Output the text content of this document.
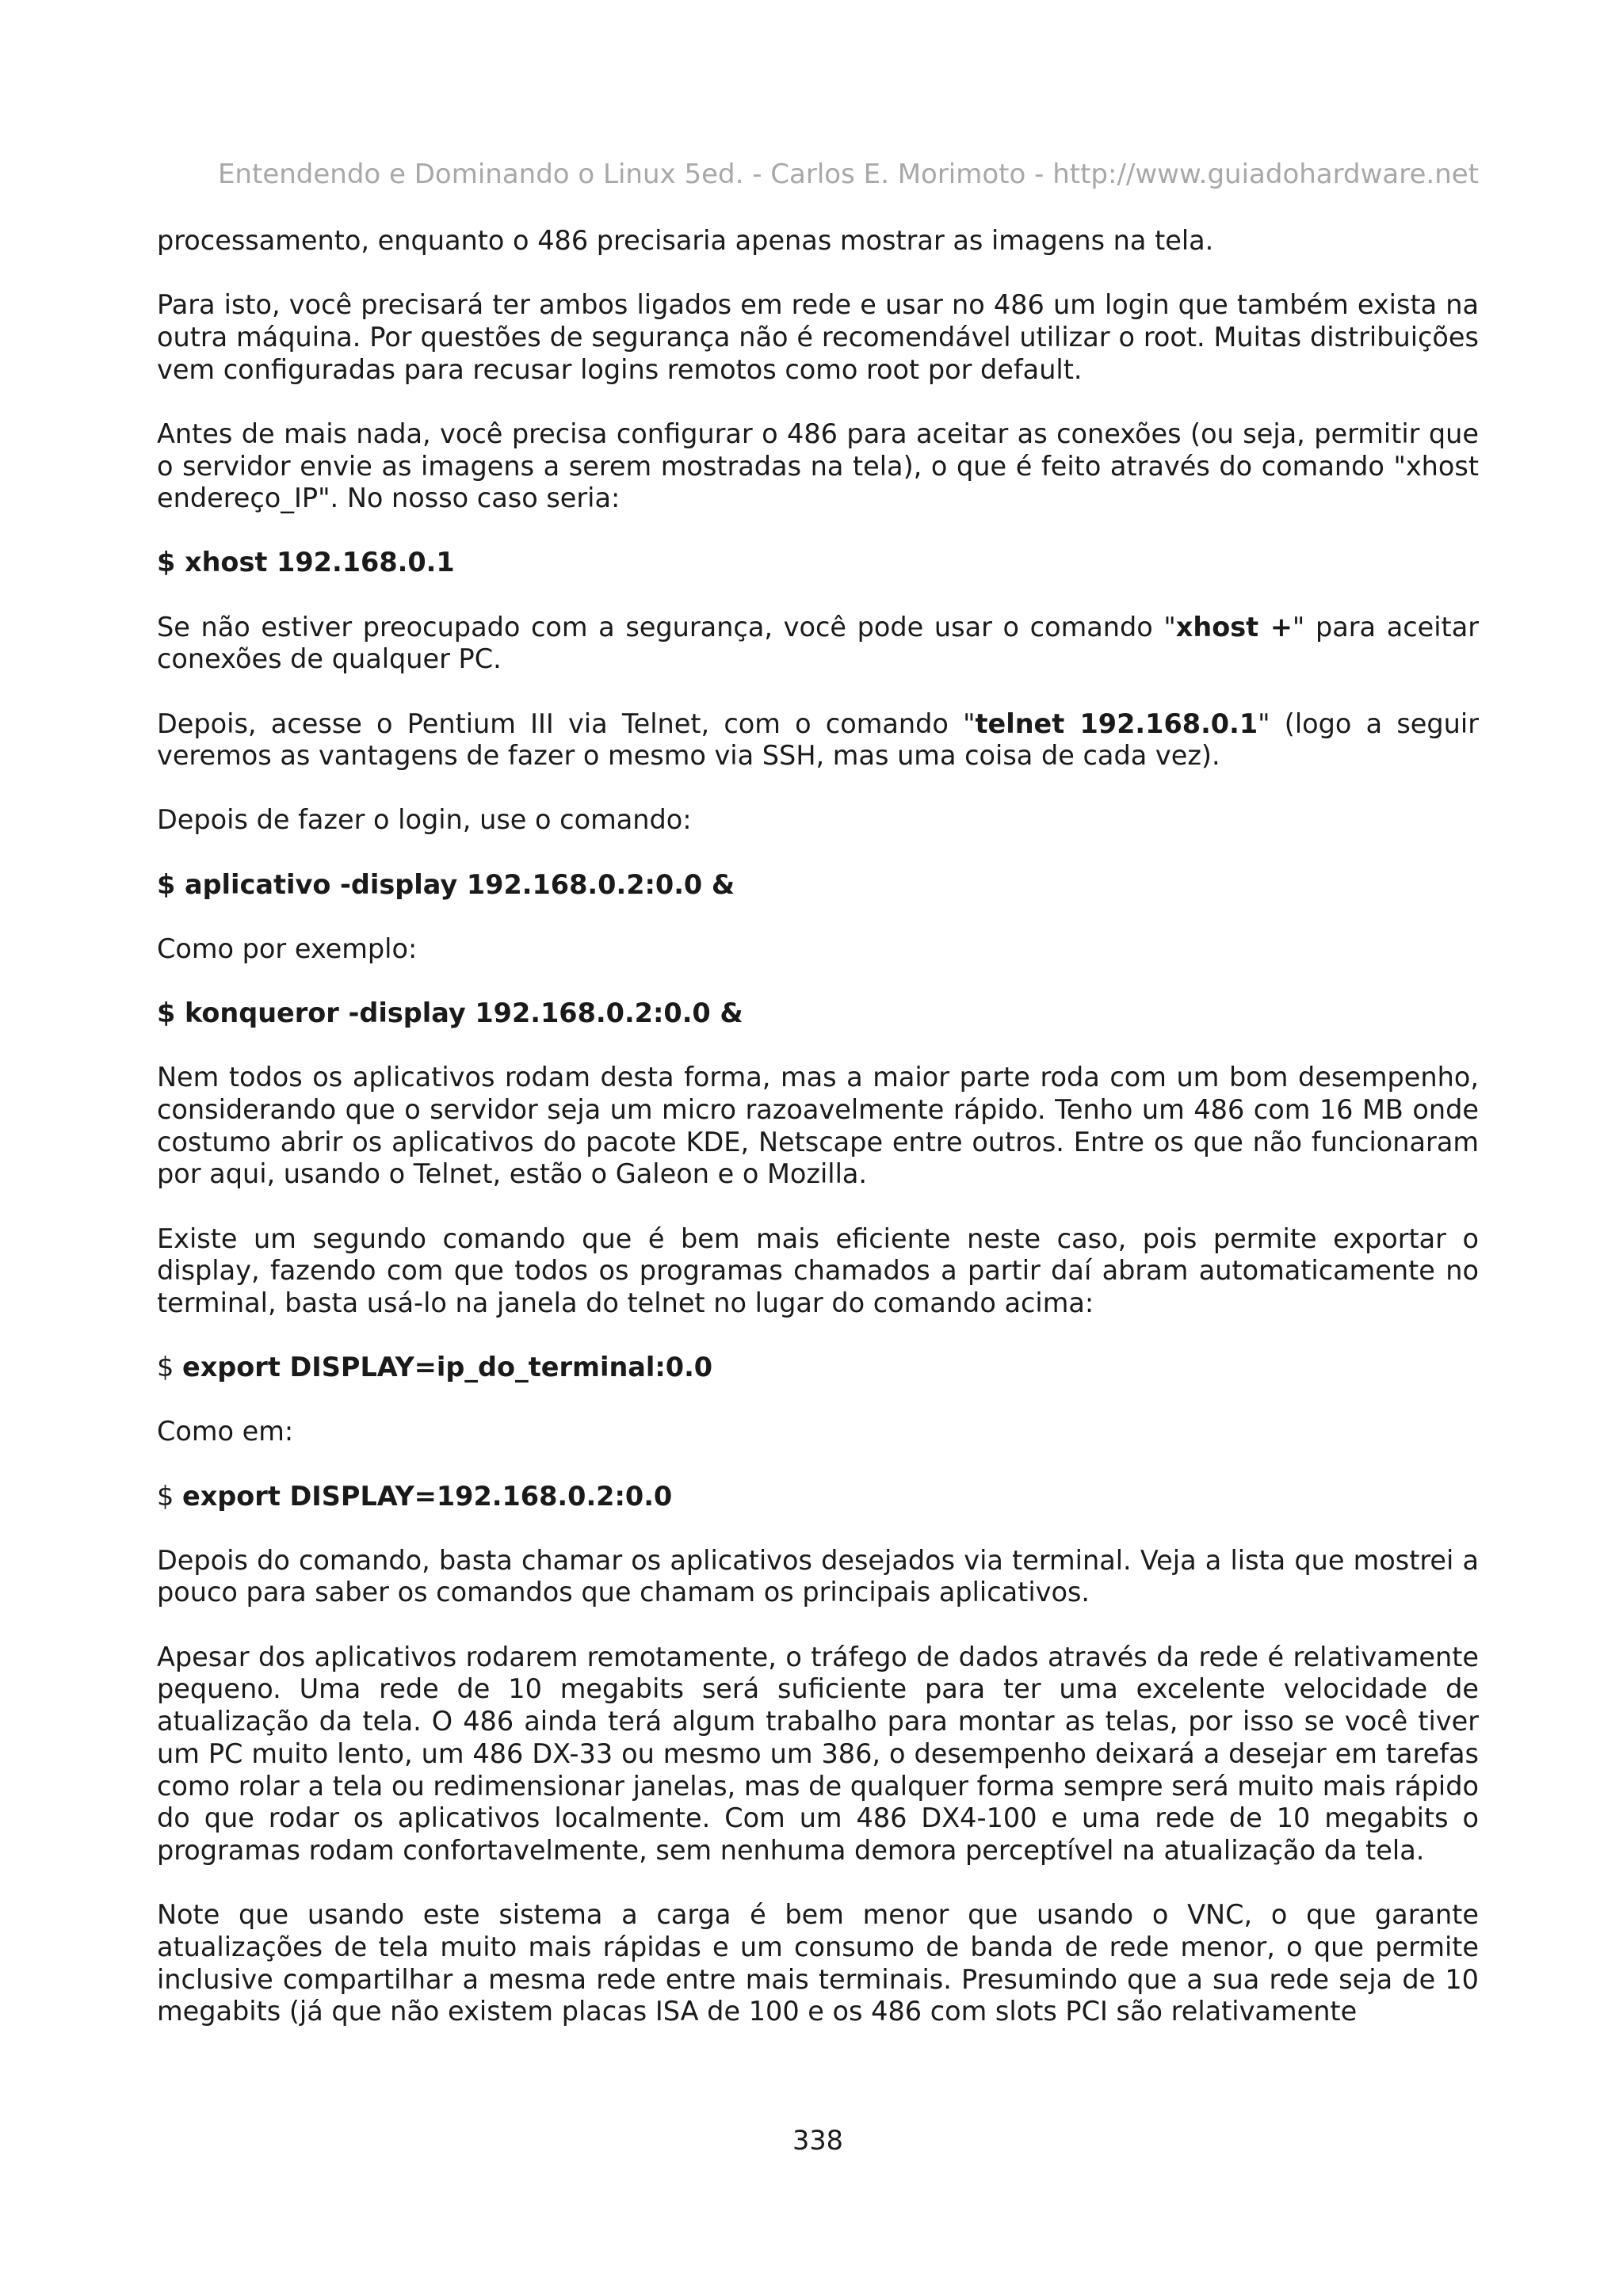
Entendendo e Dominando o Linux 5ed. - Carlos E. Morimoto - http://www.guiadohardware.net

processamento, enquanto o 486 precisaria apenas mostrar as imagens na tela.

Para isto, você precisará ter ambos ligados em rede e usar no 486 um login que também exista na outra máquina. Por questões de segurança não é recomendável utilizar o root. Muitas distribuições vem configuradas para recusar logins remotos como root por default.

Antes de mais nada, você precisa configurar o 486 para aceitar as conexões (ou seja, permitir que o servidor envie as imagens a serem mostradas na tela), o que é feito através do comando "xhost endereço_IP". No nosso caso seria:

$ xhost 192.168.0.1

Se não estiver preocupado com a segurança, você pode usar o comando "xhost +" para aceitar conexões de qualquer PC.

Depois, acesse o Pentium III via Telnet, com o comando "telnet 192.168.0.1" (logo a seguir veremos as vantagens de fazer o mesmo via SSH, mas uma coisa de cada vez).

Depois de fazer o login, use o comando:

$ aplicativo -display 192.168.0.2:0.0 &

Como por exemplo:

$ konqueror -display 192.168.0.2:0.0 &

Nem todos os aplicativos rodam desta forma, mas a maior parte roda com um bom desempenho, considerando que o servidor seja um micro razoavelmente rápido. Tenho um 486 com 16 MB onde costumo abrir os aplicativos do pacote KDE, Netscape entre outros. Entre os que não funcionaram por aqui, usando o Telnet, estão o Galeon e o Mozilla.

Existe um segundo comando que é bem mais eficiente neste caso, pois permite exportar o display, fazendo com que todos os programas chamados a partir daí abram automaticamente no terminal, basta usá-lo na janela do telnet no lugar do comando acima:

$ export DISPLAY=ip_do_terminal:0.0

Como em:

$ export DISPLAY=192.168.0.2:0.0

Depois do comando, basta chamar os aplicativos desejados via terminal. Veja a lista que mostrei a pouco para saber os comandos que chamam os principais aplicativos.

Apesar dos aplicativos rodarem remotamente, o tráfego de dados através da rede é relativamente pequeno. Uma rede de 10 megabits será suficiente para ter uma excelente velocidade de atualização da tela. O 486 ainda terá algum trabalho para montar as telas, por isso se você tiver um PC muito lento, um 486 DX-33 ou mesmo um 386, o desempenho deixará a desejar em tarefas como rolar a tela ou redimensionar janelas, mas de qualquer forma sempre será muito mais rápido do que rodar os aplicativos localmente. Com um 486 DX4-100 e uma rede de 10 megabits o programas rodam confortavelmente, sem nenhuma demora perceptível na atualização da tela.

Note que usando este sistema a carga é bem menor que usando o VNC, o que garante atualizações de tela muito mais rápidas e um consumo de banda de rede menor, o que permite inclusive compartilhar a mesma rede entre mais terminais. Presumindo que a sua rede seja de 10 megabits (já que não existem placas ISA de 100 e os 486 com slots PCI são relativamente

338
